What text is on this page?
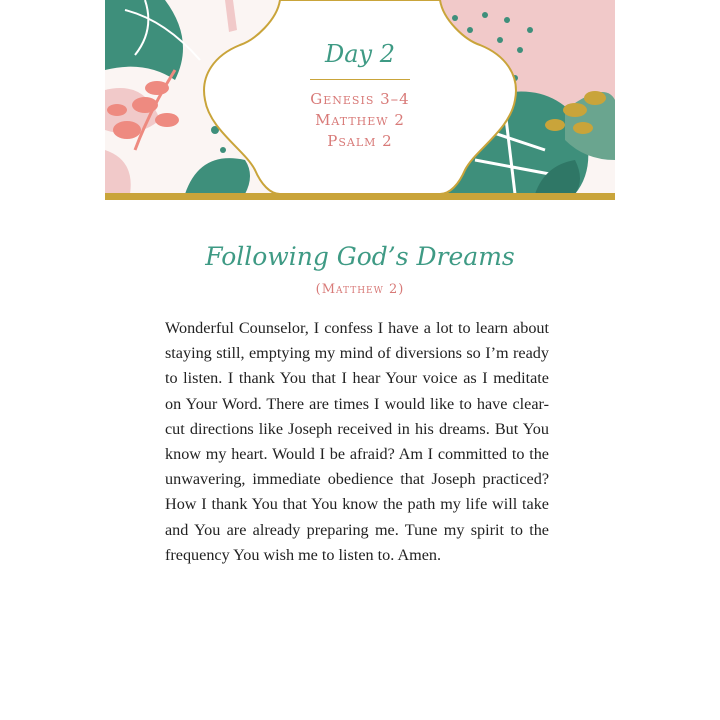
Day 2
Genesis 3–4
Matthew 2
Psalm 2
Following God’s Dreams
(Matthew 2)
Wonderful Counselor, I confess I have a lot to learn about staying still, emptying my mind of diversions so I’m ready to listen. I thank You that I hear Your voice as I meditate on Your Word. There are times I would like to have clear-cut directions like Joseph received in his dreams. But You know my heart. Would I be afraid? Am I committed to the unwavering, immediate obedience that Joseph practiced? How I thank You that You know the path my life will take and You are already preparing me. Tune my spirit to the frequency You wish me to listen to. Amen.
